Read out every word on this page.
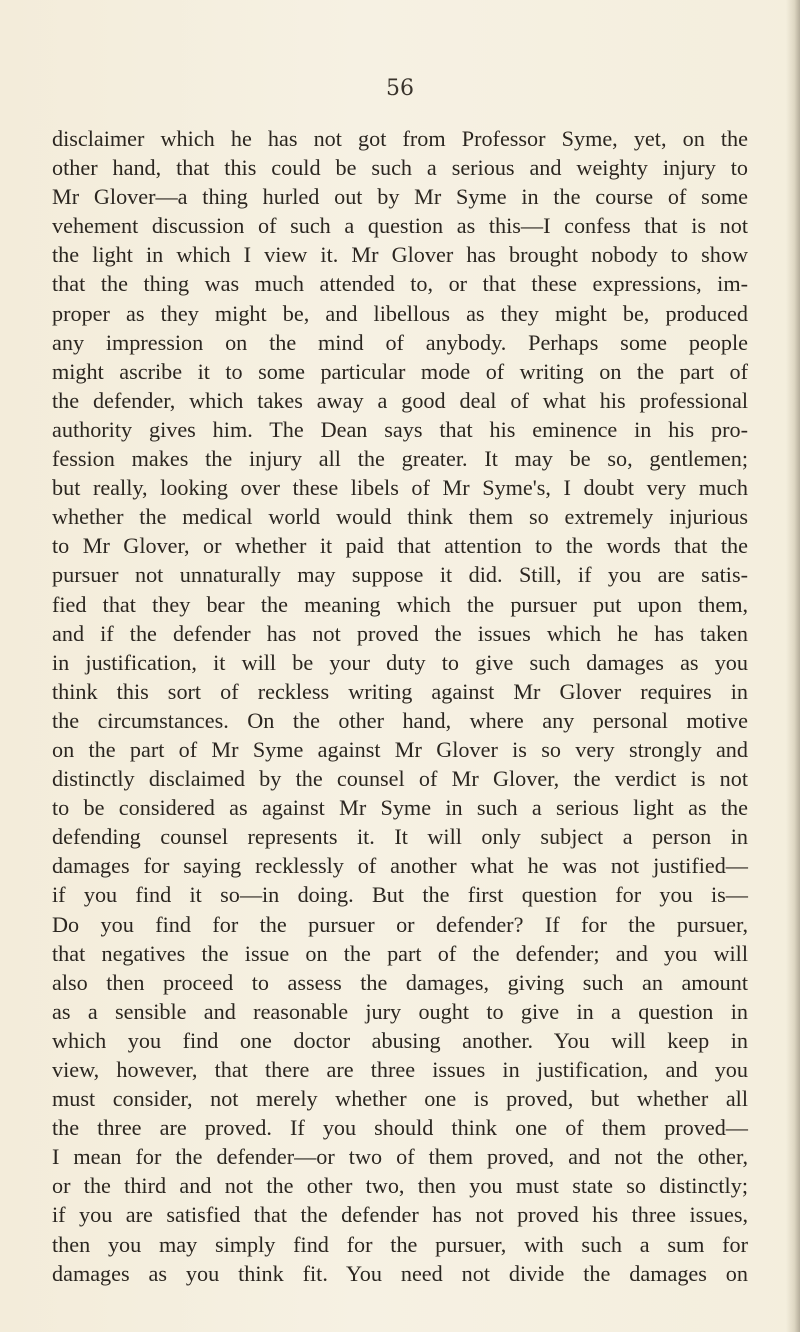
56
disclaimer which he has not got from Professor Syme, yet, on the
other hand, that this could be such a serious and weighty injury to
Mr Glover—a thing hurled out by Mr Syme in the course of some
vehement discussion of such a question as this—I confess that is not
the light in which I view it. Mr Glover has brought nobody to show
that the thing was much attended to, or that these expressions, im-
proper as they might be, and libellous as they might be, produced
any impression on the mind of anybody. Perhaps some people
might ascribe it to some particular mode of writing on the part of
the defender, which takes away a good deal of what his professional
authority gives him. The Dean says that his eminence in his pro-
fession makes the injury all the greater. It may be so, gentlemen;
but really, looking over these libels of Mr Syme's, I doubt very much
whether the medical world would think them so extremely injurious
to Mr Glover, or whether it paid that attention to the words that the
pursuer not unnaturally may suppose it did. Still, if you are satis-
fied that they bear the meaning which the pursuer put upon them,
and if the defender has not proved the issues which he has taken
in justification, it will be your duty to give such damages as you
think this sort of reckless writing against Mr Glover requires in
the circumstances. On the other hand, where any personal motive
on the part of Mr Syme against Mr Glover is so very strongly and
distinctly disclaimed by the counsel of Mr Glover, the verdict is not
to be considered as against Mr Syme in such a serious light as the
defending counsel represents it. It will only subject a person in
damages for saying recklessly of another what he was not justified—
if you find it so—in doing. But the first question for you is—
Do you find for the pursuer or defender? If for the pursuer,
that negatives the issue on the part of the defender; and you will
also then proceed to assess the damages, giving such an amount
as a sensible and reasonable jury ought to give in a question in
which you find one doctor abusing another. You will keep in
view, however, that there are three issues in justification, and you
must consider, not merely whether one is proved, but whether all
the three are proved. If you should think one of them proved—
I mean for the defender—or two of them proved, and not the other,
or the third and not the other two, then you must state so distinctly;
if you are satisfied that the defender has not proved his three issues,
then you may simply find for the pursuer, with such a sum for
damages as you think fit. You need not divide the damages on
